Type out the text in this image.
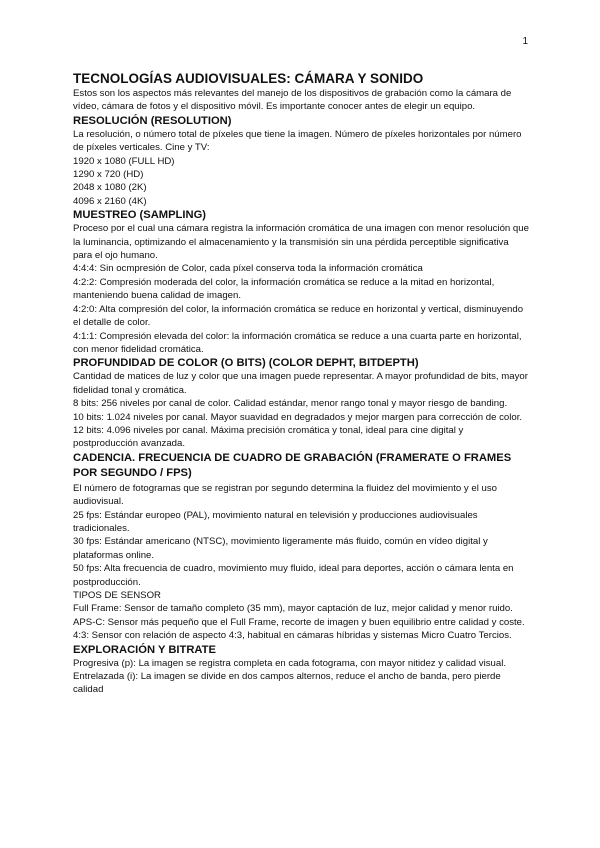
1

TECNOLOGÍAS AUDIOVISUALES: CÁMARA Y SONIDO

Estos son los aspectos más relevantes del manejo de los dispositivos de grabación como la cámara de vídeo, cámara de fotos y el dispositivo móvil. Es importante conocer antes de elegir un equipo.

RESOLUCIÓN (RESOLUTION)

La resolución, o número total de píxeles que tiene la imagen. Número de píxeles horizontales por número de píxeles verticales. Cine y TV:

1920 x 1080 (FULL HD)

1290 x 720 (HD)

2048 x 1080 (2K)

4096 x 2160 (4K)

MUESTREO (SAMPLING)

Proceso por el cual una cámara registra la información cromática de una imagen con menor resolución que la luminancia, optimizando el almacenamiento y la transmisión sin una pérdida perceptible significativa para el ojo humano.

4:4:4: Sin ocmpresión de Color, cada píxel conserva toda la información cromática

4:2:2: Compresión moderada del color, la información cromática se reduce a la mitad en horizontal, manteniendo buena calidad de imagen.

4:2:0: Alta compresión del color, la información cromática se reduce en horizontal y vertical, disminuyendo el detalle de color.

4:1:1: Compresión elevada del color: la información cromática se reduce a una cuarta parte en horizontal, con menor fidelidad cromática.

PROFUNDIDAD DE COLOR (O BITS) (COLOR DEPHT, BITDEPTH)

Cantidad de matices de luz y color que una imagen puede representar. A mayor profundidad de bits, mayor fidelidad tonal y cromática.

8 bits: 256 niveles por canal de color. Calidad estándar, menor rango tonal y mayor riesgo de banding.

10 bits: 1.024 niveles por canal. Mayor suavidad en degradados y mejor margen para corrección de color.

12 bits: 4.096 niveles por canal. Máxima precisión cromática y tonal, ideal para cine digital y postproducción avanzada.

CADENCIA. FRECUENCIA DE CUADRO DE GRABACIÓN (FRAMERATE O FRAMES POR SEGUNDO / FPS)

El número de fotogramas que se registran por segundo determina la fluidez del movimiento y el uso audiovisual.

25 fps: Estándar europeo (PAL), movimiento natural en televisión y producciones audiovisuales tradicionales.

30 fps: Estándar americano (NTSC), movimiento ligeramente más fluido, común en vídeo digital y plataformas online.

50 fps: Alta frecuencia de cuadro, movimiento muy fluido, ideal para deportes, acción o cámara lenta en postproducción.

TIPOS DE SENSOR

Full Frame: Sensor de tamaño completo (35 mm), mayor captación de luz, mejor calidad y menor ruido.

APS-C: Sensor más pequeño que el Full Frame, recorte de imagen y buen equilibrio entre calidad y coste.

4:3: Sensor con relación de aspecto 4:3, habitual en cámaras híbridas y sistemas Micro Cuatro Tercios.

EXPLORACIÓN Y BITRATE

Progresiva (p): La imagen se registra completa en cada fotograma, con mayor nitidez y calidad visual.

Entrelazada (i): La imagen se divide en dos campos alternos, reduce el ancho de banda, pero pierde calidad
